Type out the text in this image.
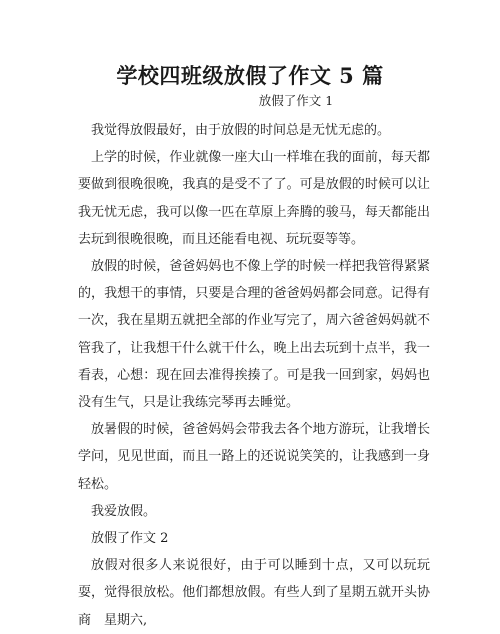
学校四班级放假了作文 5 篇
放假了作文 1

我觉得放假最好，由于放假的时间总是无忧无虑的。

上学的时候，作业就像一座大山一样堆在我的面前，每天都要做到很晚很晚，我真的是受不了了。可是放假的时候可以让我无忧无虑，我可以像一匹在草原上奔腾的骏马，每天都能出去玩到很晚很晚，而且还能看电视、玩玩耍等等。

放假的时候，爸爸妈妈也不像上学的时候一样把我管得紧紧的，我想干的事情，只要是合理的爸爸妈妈都会同意。记得有一次，我在星期五就把全部的作业写完了，周六爸爸妈妈就不管我了，让我想干什么就干什么，晚上出去玩到十点半，我一看表，心想：现在回去准得挨揍了。可是我一回到家，妈妈也没有生气，只是让我练完琴再去睡觉。

放暑假的时候，爸爸妈妈会带我去各个地方游玩，让我增长学问，见见世面，而且一路上的还说说笑笑的，让我感到一身轻松。

我爱放假。

放假了作文 2

放假对很多人来说很好，由于可以睡到十点，又可以玩玩耍，觉得很放松。他们都想放假。有些人到了星期五就开头协商　星期六,
